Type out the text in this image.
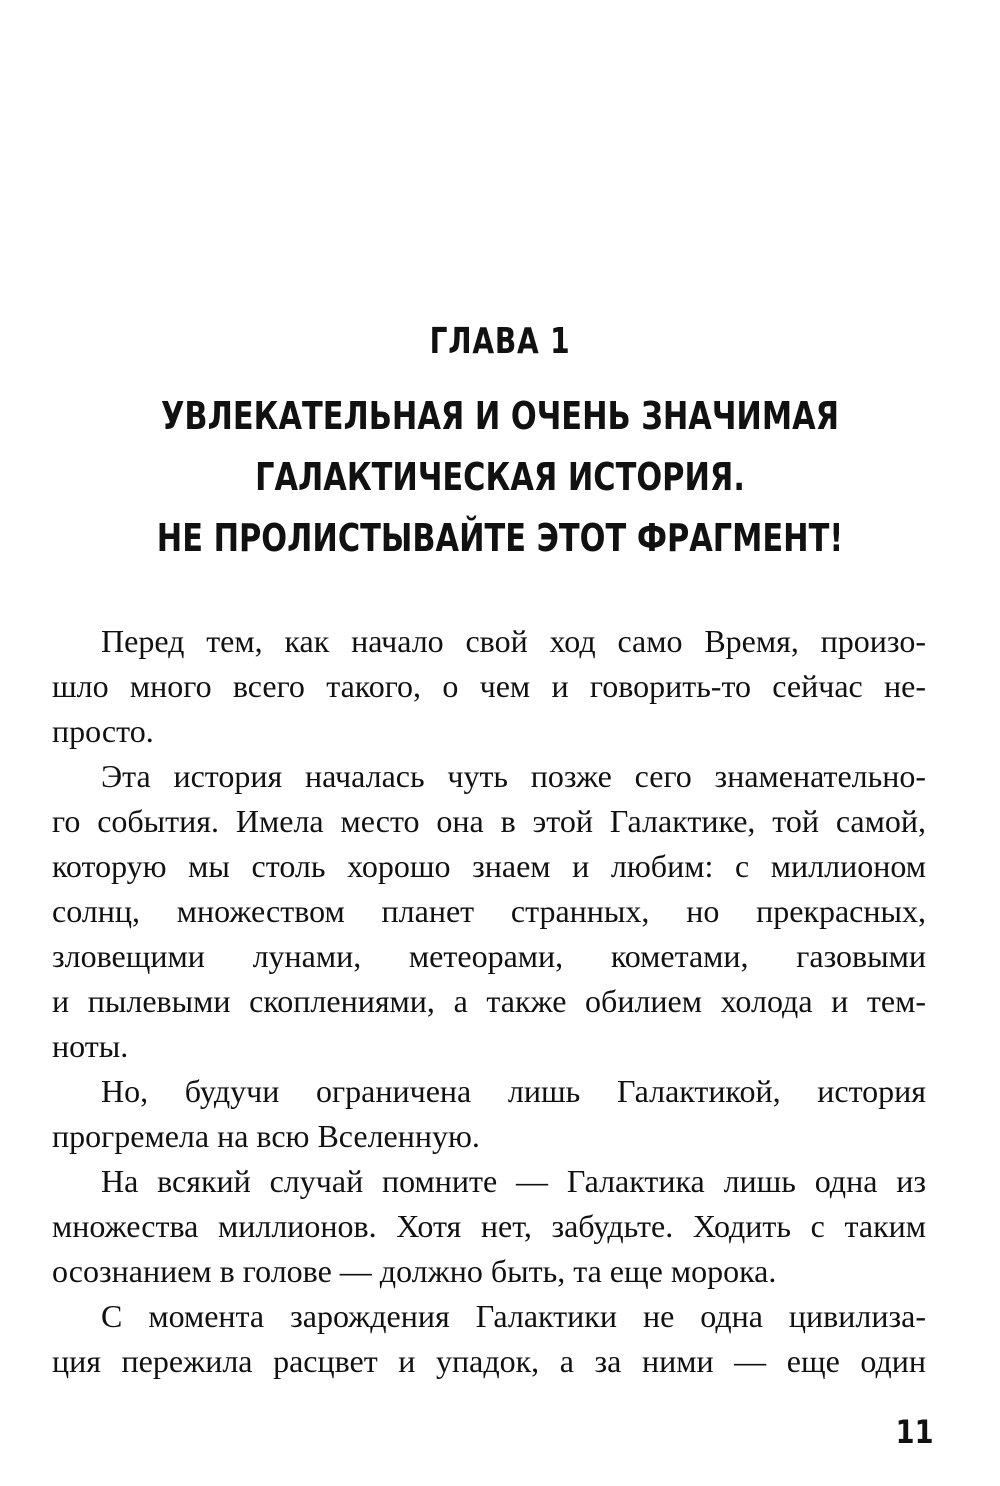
ГЛАВА 1
УВЛЕКАТЕЛЬНАЯ И ОЧЕНЬ ЗНАЧИМАЯ
ГАЛАКТИЧЕСКАЯ ИСТОРИЯ.
НЕ ПРОЛИСТЫВАЙТЕ ЭТОТ ФРАГМЕНТ!
Перед тем, как начало свой ход само Время, произо-
шло много всего такого, о чем и говорить-то сейчас не-
просто.
Эта история началась чуть позже сего знаменательно-
го события. Имела место она в этой Галактике, той самой,
которую мы столь хорошо знаем и любим: с миллионом
солнц, множеством планет странных, но прекрасных,
зловещими лунами, метеорами, кометами, газовыми
и пылевыми скоплениями, а также обилием холода и тем-
ноты.
Но, будучи ограничена лишь Галактикой, история
прогремела на всю Вселенную.
На всякий случай помните — Галактика лишь одна из
множества миллионов. Хотя нет, забудьте. Ходить с таким
осознанием в голове — должно быть, та еще морока.
С момента зарождения Галактики не одна цивилиза-
ция пережила расцвет и упадок, а за ними — еще один
11
